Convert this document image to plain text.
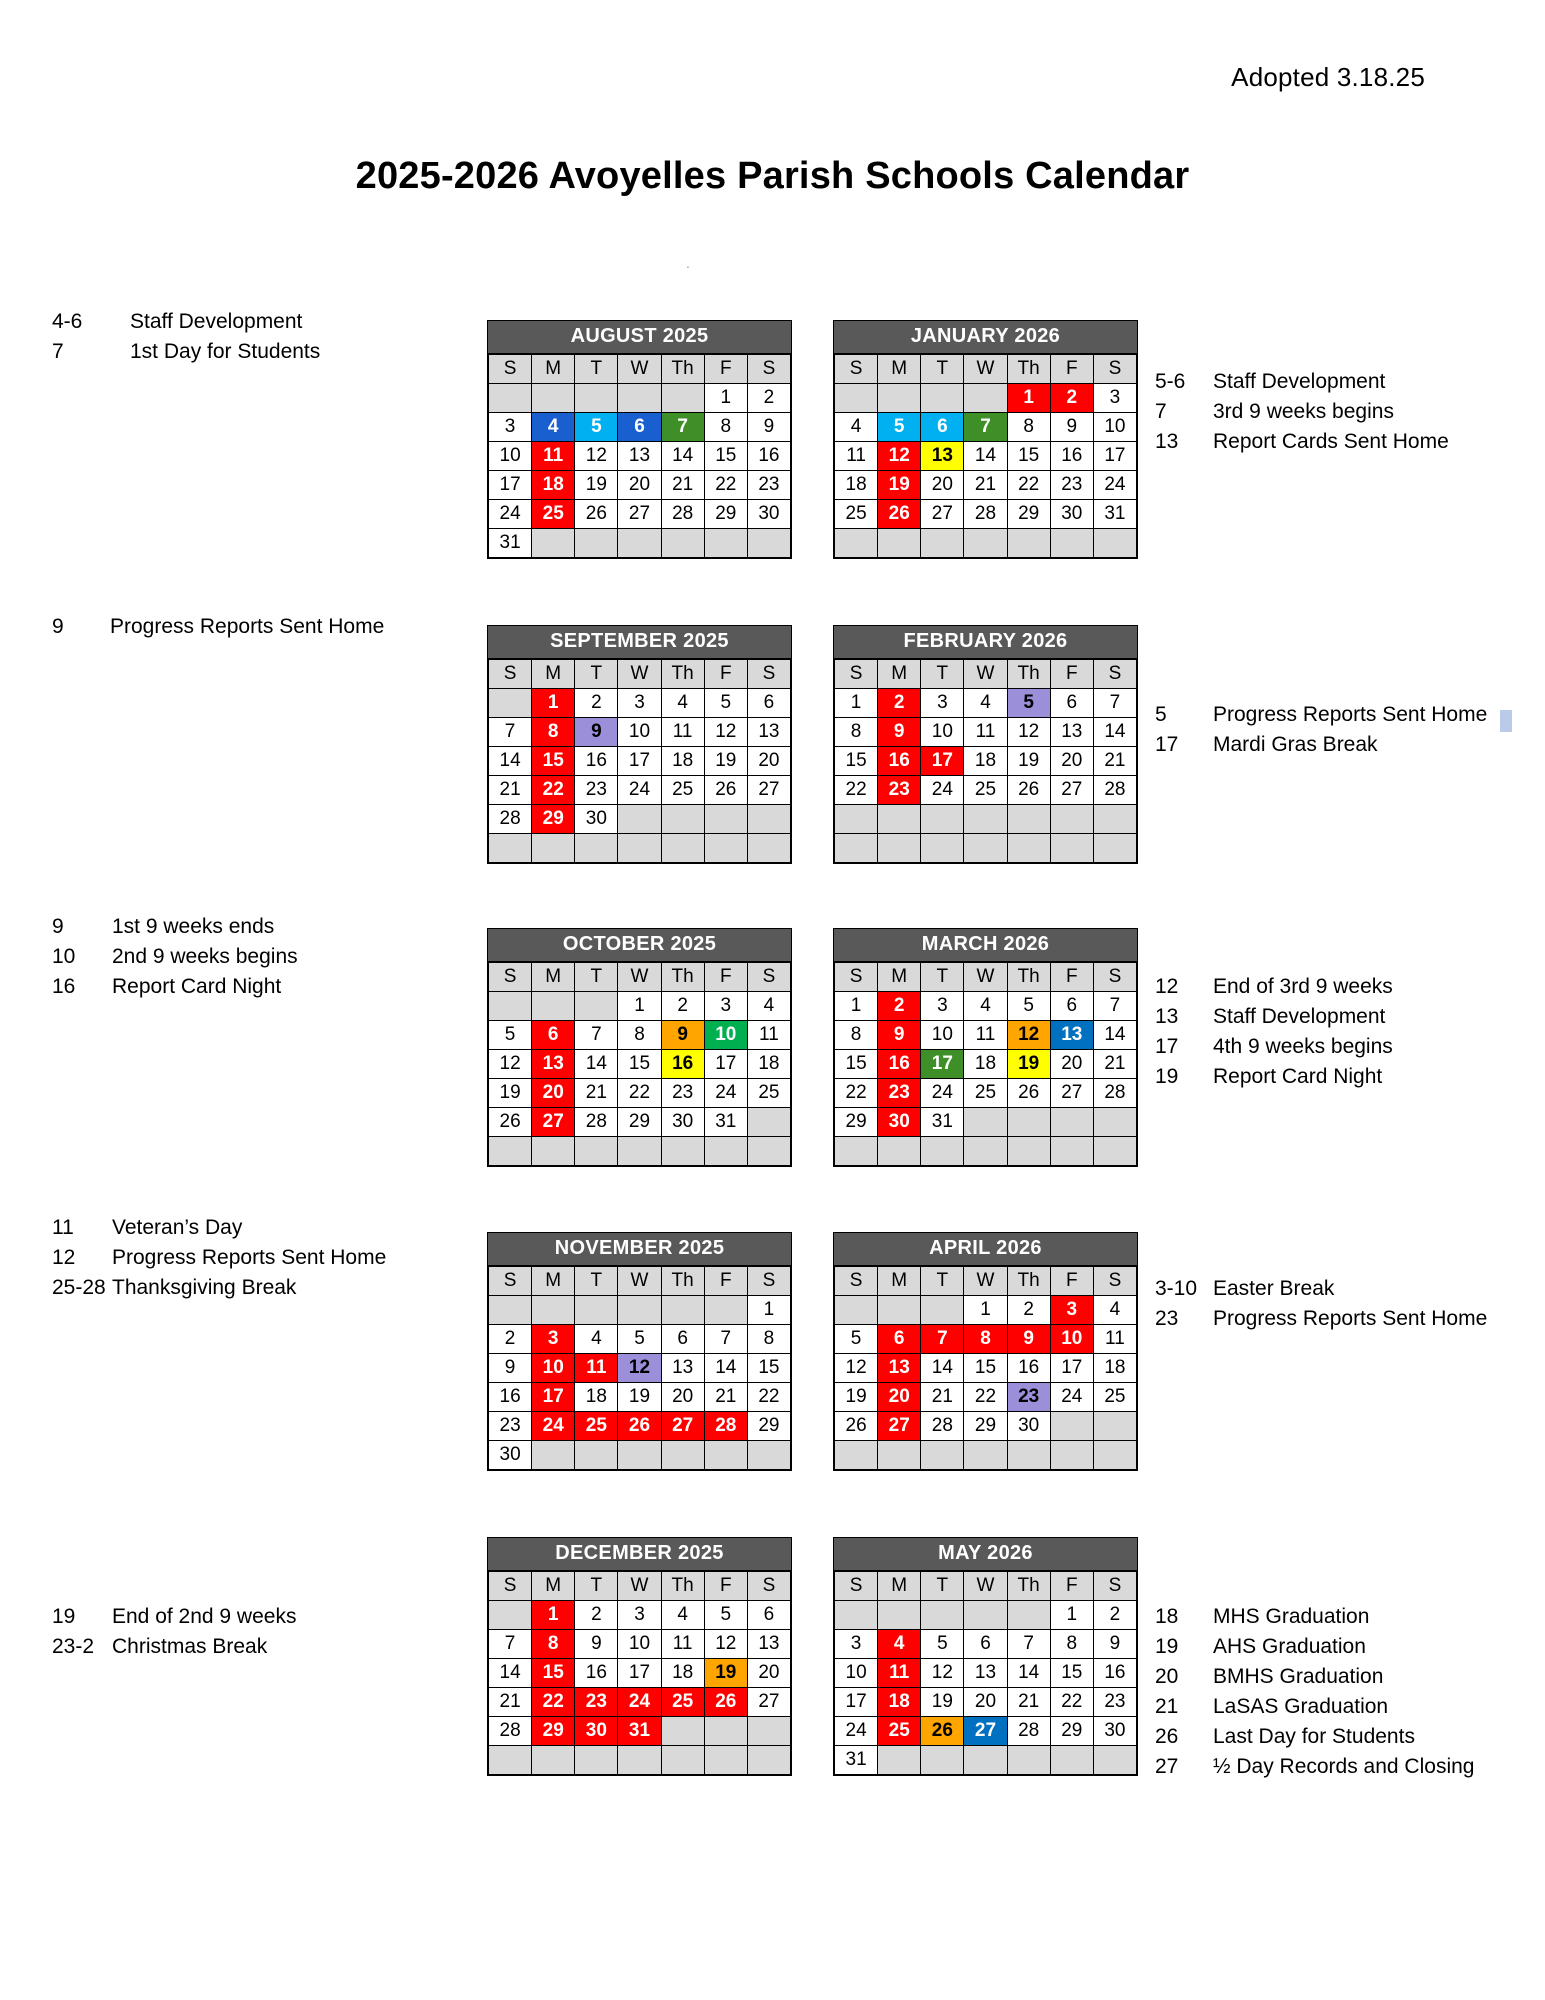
Adopted 3.18.25
2025-2026 Avoyelles Parish Schools Calendar
.
AUGUST 2025
S	M	T	W	Th	F	S
					1	2
3	4	5	6	7	8	9
10	11	12	13	14	15	16
17	18	19	20	21	22	23
24	25	26	27	28	29	30
31						
JANUARY 2026
S	M	T	W	Th	F	S
				1	2	3
4	5	6	7	8	9	10
11	12	13	14	15	16	17
18	19	20	21	22	23	24
25	26	27	28	29	30	31

SEPTEMBER 2025
S	M	T	W	Th	F	S
	1	2	3	4	5	6
7	8	9	10	11	12	13
14	15	16	17	18	19	20
21	22	23	24	25	26	27
28	29	30				

FEBRUARY 2026
S	M	T	W	Th	F	S
1	2	3	4	5	6	7
8	9	10	11	12	13	14
15	16	17	18	19	20	21
22	23	24	25	26	27	28

OCTOBER 2025
S	M	T	W	Th	F	S
			1	2	3	4
5	6	7	8	9	10	11
12	13	14	15	16	17	18
19	20	21	22	23	24	25
26	27	28	29	30	31	

MARCH 2026
S	M	T	W	Th	F	S
1	2	3	4	5	6	7
8	9	10	11	12	13	14
15	16	17	18	19	20	21
22	23	24	25	26	27	28
29	30	31				

NOVEMBER 2025
S	M	T	W	Th	F	S
						1
2	3	4	5	6	7	8
9	10	11	12	13	14	15
16	17	18	19	20	21	22
23	24	25	26	27	28	29
30						
APRIL 2026
S	M	T	W	Th	F	S
			1	2	3	4
5	6	7	8	9	10	11
12	13	14	15	16	17	18
19	20	21	22	23	24	25
26	27	28	29	30		

DECEMBER 2025
S	M	T	W	Th	F	S
	1	2	3	4	5	6
7	8	9	10	11	12	13
14	15	16	17	18	19	20
21	22	23	24	25	26	27
28	29	30	31			

MAY 2026
S	M	T	W	Th	F	S
					1	2
3	4	5	6	7	8	9
10	11	12	13	14	15	16
17	18	19	20	21	22	23
24	25	26	27	28	29	30
31						
4-6	Staff Development
7	1st Day for Students
9	Progress Reports Sent Home
9	1st 9 weeks ends
10	2nd 9 weeks begins
16	Report Card Night
11	Veteran’s Day
12	Progress Reports Sent Home
25-28 Thanksgiving Break
19	End of 2nd 9 weeks
23-2 Christmas Break
5-6	Staff Development
7	3rd 9 weeks begins
13	Report Cards Sent Home
5	Progress Reports Sent Home
17	Mardi Gras Break
12	End of 3rd 9 weeks
13	Staff Development
17	4th 9 weeks begins
19	Report Card Night
3-10 Easter Break
23	Progress Reports Sent Home
18	MHS Graduation
19	AHS Graduation
20	BMHS Graduation
21	LaSAS Graduation
26	Last Day for Students
27	½ Day Records and Closing
